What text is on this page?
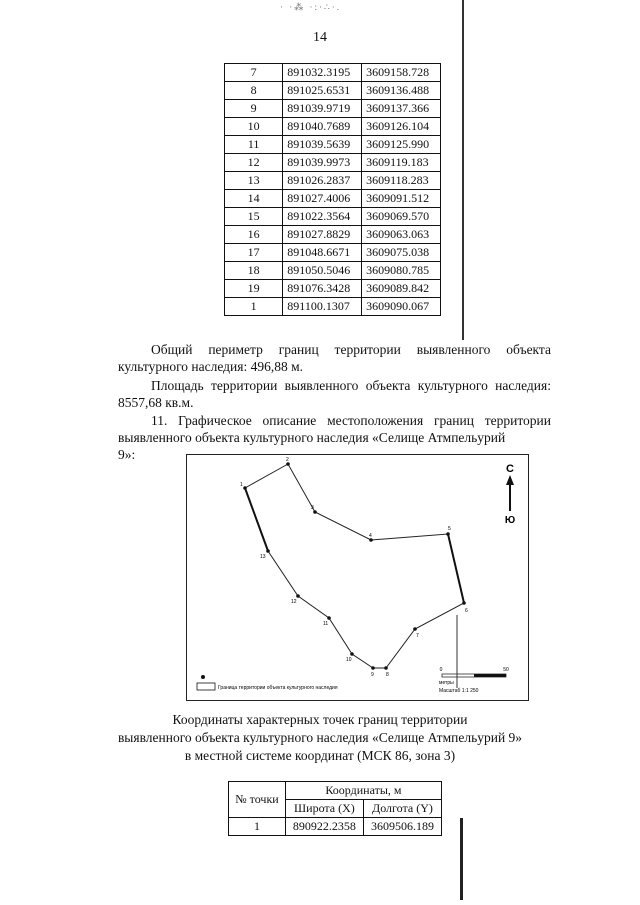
· ·⁂ ·:·∴·.
14
7	891032.3195	3609158.728
8	891025.6531	3609136.488
9	891039.9719	3609137.366
10	891040.7689	3609126.104
11	891039.5639	3609125.990
12	891039.9973	3609119.183
13	891026.2837	3609118.283
14	891027.4006	3609091.512
15	891022.3564	3609069.570
16	891027.8829	3609063.063
17	891048.6671	3609075.038
18	891050.5046	3609080.785
19	891076.3428	3609089.842
1	891100.1307	3609090.067
Общий периметр границ территории выявленного объекта
культурного наследия: 496,88 м.
Площадь территории выявленного объекта культурного наследия:
8557,68 кв.м.
11. Графическое описание местоположения границ территории
выявленного объекта культурного наследия «Селище Атмпельурий 9»:
1
2
3
4
5
6
7
8
9
10
11
12
13
С
Ю
Граница территории объекта культурного наследия
0	50
метры
Масштаб 1:1 250
Координаты характерных точек границ территории
выявленного объекта культурного наследия «Селище Атмпельурий 9»
в местной системе координат (МСК 86, зона 3)
№ точки	Координаты, м	
	Широта (X)	Долгота (Y)
1	890922.2358	3609506.189
